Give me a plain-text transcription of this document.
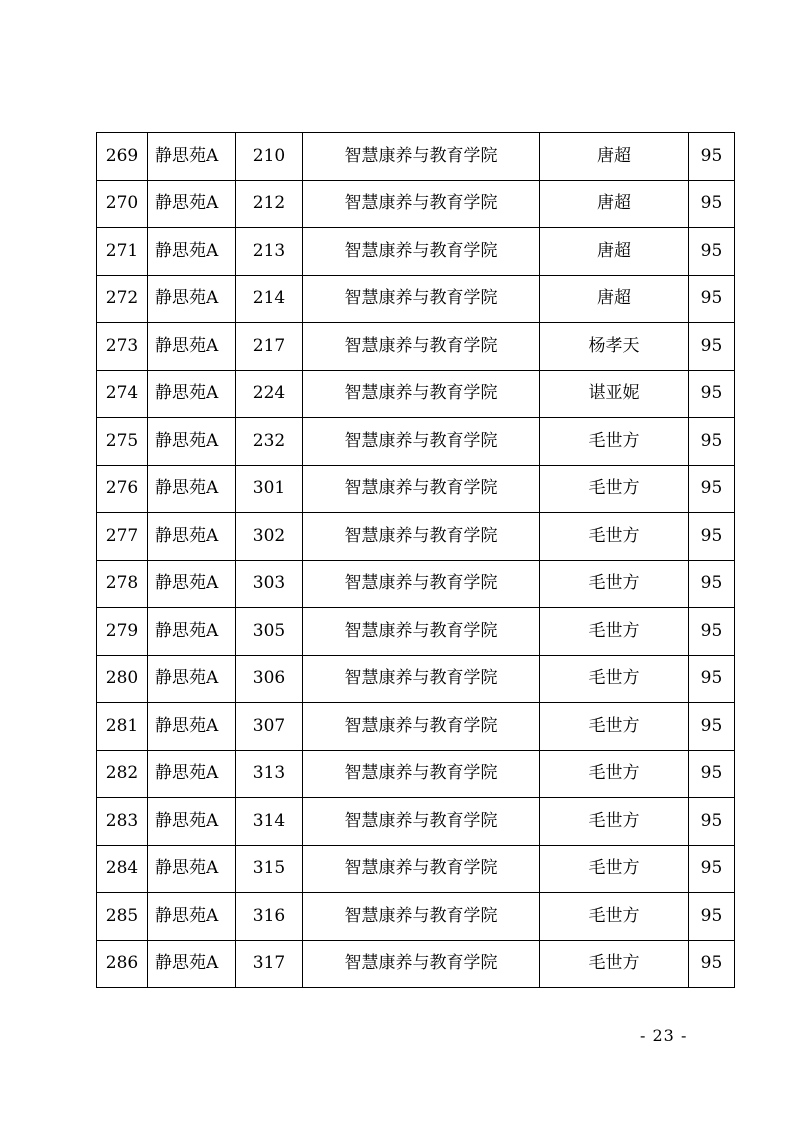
269	静思苑A	210	智慧康养与教育学院	唐超	95
270	静思苑A	212	智慧康养与教育学院	唐超	95
271	静思苑A	213	智慧康养与教育学院	唐超	95
272	静思苑A	214	智慧康养与教育学院	唐超	95
273	静思苑A	217	智慧康养与教育学院	杨孝天	95
274	静思苑A	224	智慧康养与教育学院	谌亚妮	95
275	静思苑A	232	智慧康养与教育学院	毛世方	95
276	静思苑A	301	智慧康养与教育学院	毛世方	95
277	静思苑A	302	智慧康养与教育学院	毛世方	95
278	静思苑A	303	智慧康养与教育学院	毛世方	95
279	静思苑A	305	智慧康养与教育学院	毛世方	95
280	静思苑A	306	智慧康养与教育学院	毛世方	95
281	静思苑A	307	智慧康养与教育学院	毛世方	95
282	静思苑A	313	智慧康养与教育学院	毛世方	95
283	静思苑A	314	智慧康养与教育学院	毛世方	95
284	静思苑A	315	智慧康养与教育学院	毛世方	95
285	静思苑A	316	智慧康养与教育学院	毛世方	95
286	静思苑A	317	智慧康养与教育学院	毛世方	95
- 23 -
